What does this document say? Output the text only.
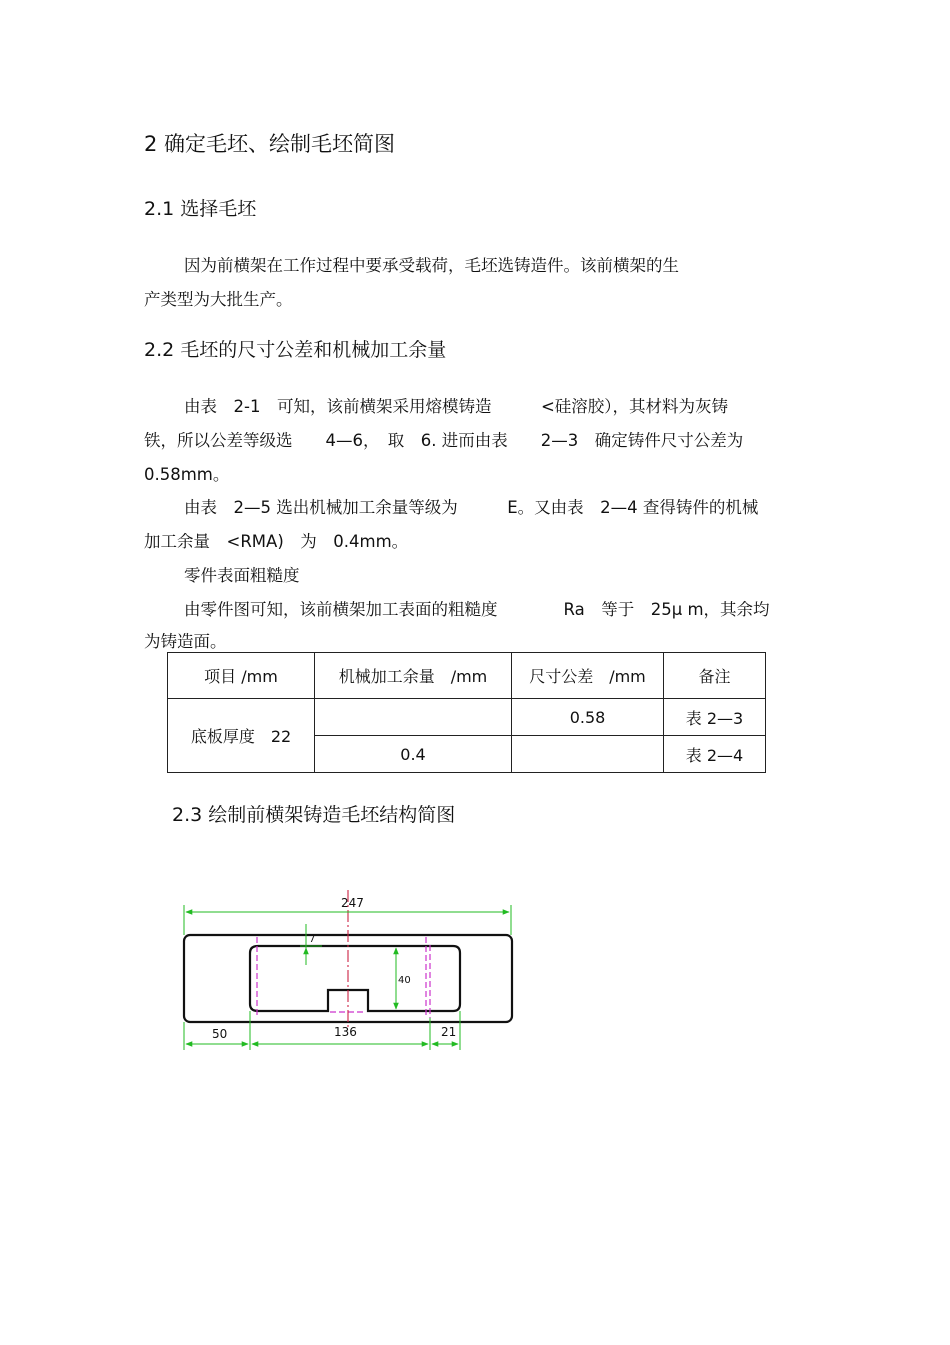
2 确定毛坯、绘制毛坯简图
2.1 选择毛坯
因为前横架在工作过程中要承受载荷，毛坯选铸造件。该前横架的生
产类型为大批生产。
2.2 毛坯的尺寸公差和机械加工余量
由表　2-1　可知，该前横架采用熔模铸造　　　<硅溶胶），其材料为灰铸
铁，所以公差等级选　　4—6，　取　6. 进而由表　　2—3　确定铸件尺寸公差为
0.58mm。
由表　2—5 选出机械加工余量等级为　　　E。又由表　2—4 查得铸件的机械
加工余量　<RMA)　为　0.4mm。
零件表面粗糙度
由零件图可知，该前横架加工表面的粗糙度　　　　Ra　等于　25μ m，其余均
为铸造面。
项目 /mm	机械加工余量　/mm	尺寸公差　/mm	备注
底板厚度　22		0.58	表 2—3
	0.4		表 2—4
2.3 绘制前横架铸造毛坯结构简图
247
7
40
50	136	21
